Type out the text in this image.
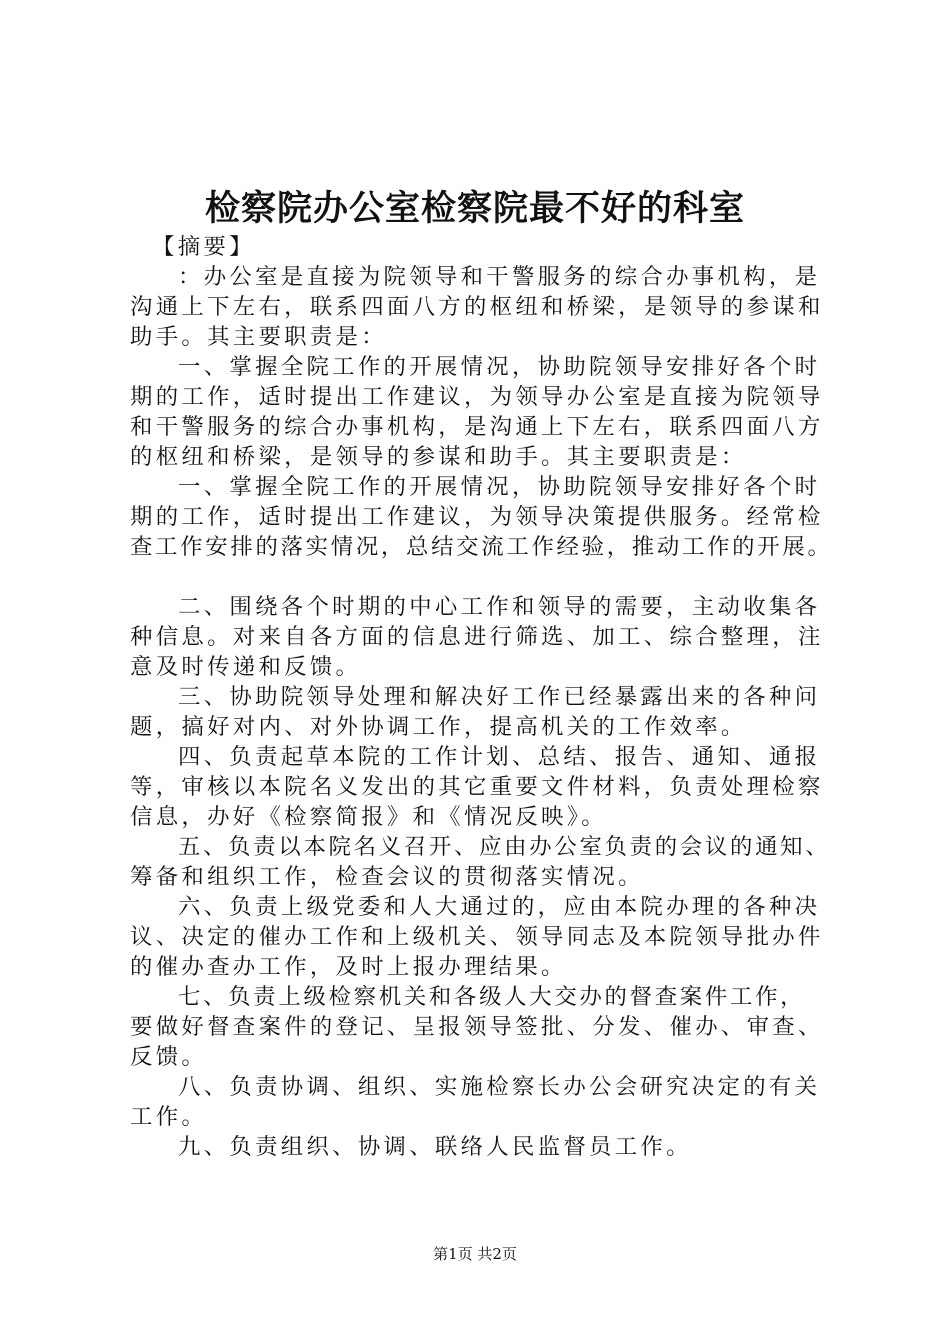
检察院办公室检察院最不好的科室
【摘要】
：办公室是直接为院领导和干警服务的综合办事机构，是
沟通上下左右，联系四面八方的枢纽和桥梁，是领导的参谋和
助手。其主要职责是：
一、掌握全院工作的开展情况，协助院领导安排好各个时
期的工作，适时提出工作建议，为领导办公室是直接为院领导
和干警服务的综合办事机构，是沟通上下左右，联系四面八方
的枢纽和桥梁，是领导的参谋和助手。其主要职责是：
一、掌握全院工作的开展情况，协助院领导安排好各个时
期的工作，适时提出工作建议，为领导决策提供服务。经常检
查工作安排的落实情况，总结交流工作经验，推动工作的开展。
二、围绕各个时期的中心工作和领导的需要，主动收集各
种信息。对来自各方面的信息进行筛选、加工、综合整理，注
意及时传递和反馈。
三、协助院领导处理和解决好工作已经暴露出来的各种问
题，搞好对内、对外协调工作，提高机关的工作效率。
四、负责起草本院的工作计划、总结、报告、通知、通报
等，审核以本院名义发出的其它重要文件材料，负责处理检察
信息，办好《检察简报》和《情况反映》。
五、负责以本院名义召开、应由办公室负责的会议的通知、
筹备和组织工作，检查会议的贯彻落实情况。
六、负责上级党委和人大通过的，应由本院办理的各种决
议、决定的催办工作和上级机关、领导同志及本院领导批办件
的催办查办工作，及时上报办理结果。
七、负责上级检察机关和各级人大交办的督查案件工作，
要做好督查案件的登记、呈报领导签批、分发、催办、审查、
反馈。
八、负责协调、组织、实施检察长办公会研究决定的有关
工作。
九、负责组织、协调、联络人民监督员工作。
第1页 共2页
